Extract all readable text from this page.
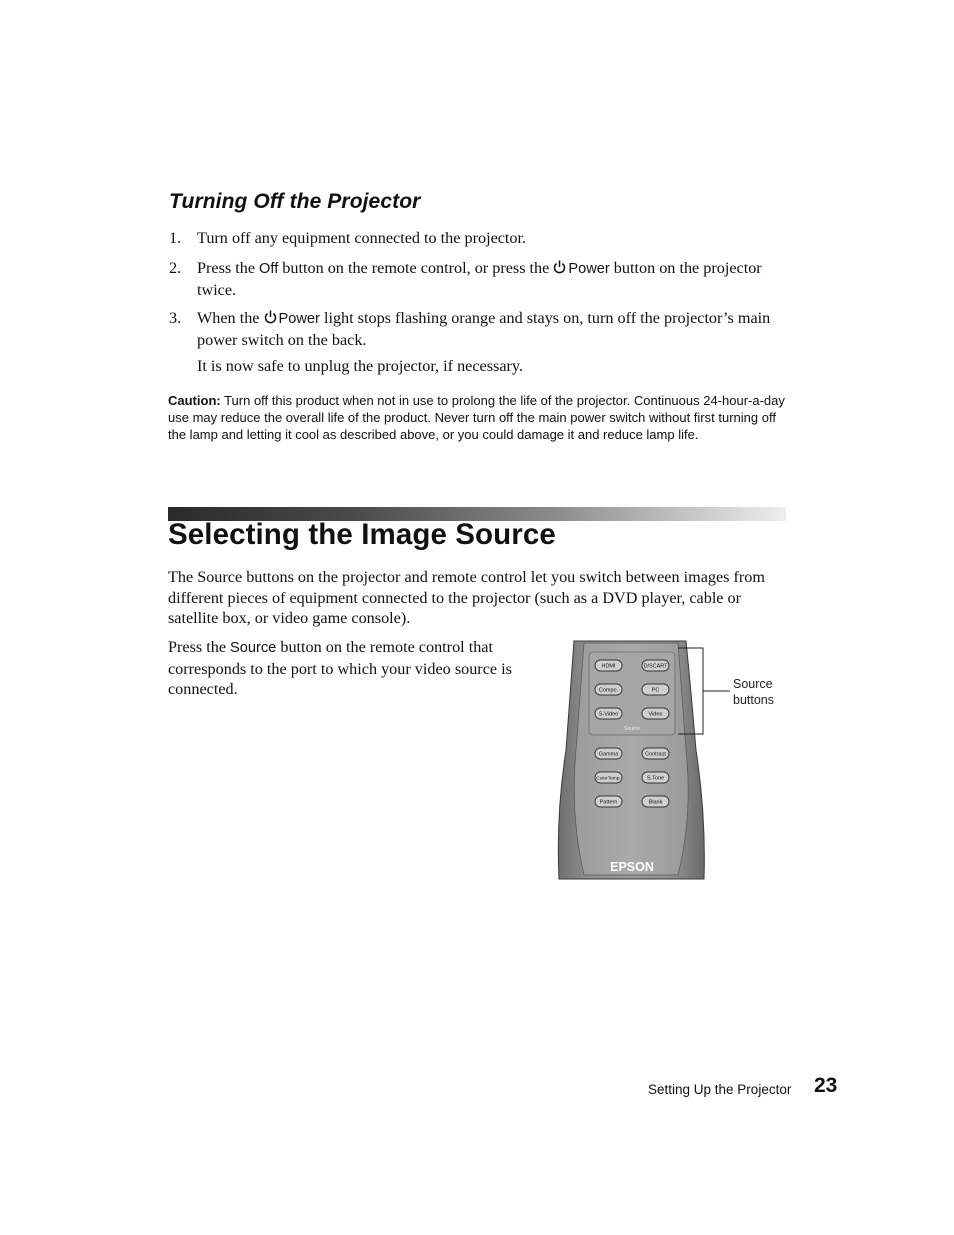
Turning Off the Projector
1. Turn off any equipment connected to the projector.
2. Press the Off button on the remote control, or press the Power button on the projector twice.
3. When the Power light stops flashing orange and stays on, turn off the projector’s main power switch on the back.
It is now safe to unplug the projector, if necessary.
Caution: Turn off this product when not in use to prolong the life of the projector. Continuous 24-hour-a-day use may reduce the overall life of the product. Never turn off the main power switch without first turning off the lamp and letting it cool as described above, or you could damage it and reduce lamp life.
Selecting the Image Source
The Source buttons on the projector and remote control let you switch between images from different pieces of equipment connected to the projector (such as a DVD player, cable or satellite box, or video game console).
Press the Source button on the remote control that corresponds to the port to which your video source is connected.
HDMI	D/SCART
Compo.	PC
S-Video	Video
Source
Gamma	Contrast
ColorTemp.	S.Tone
Pattern	Blank
EPSON
Source
buttons
Setting Up the Projector 23
